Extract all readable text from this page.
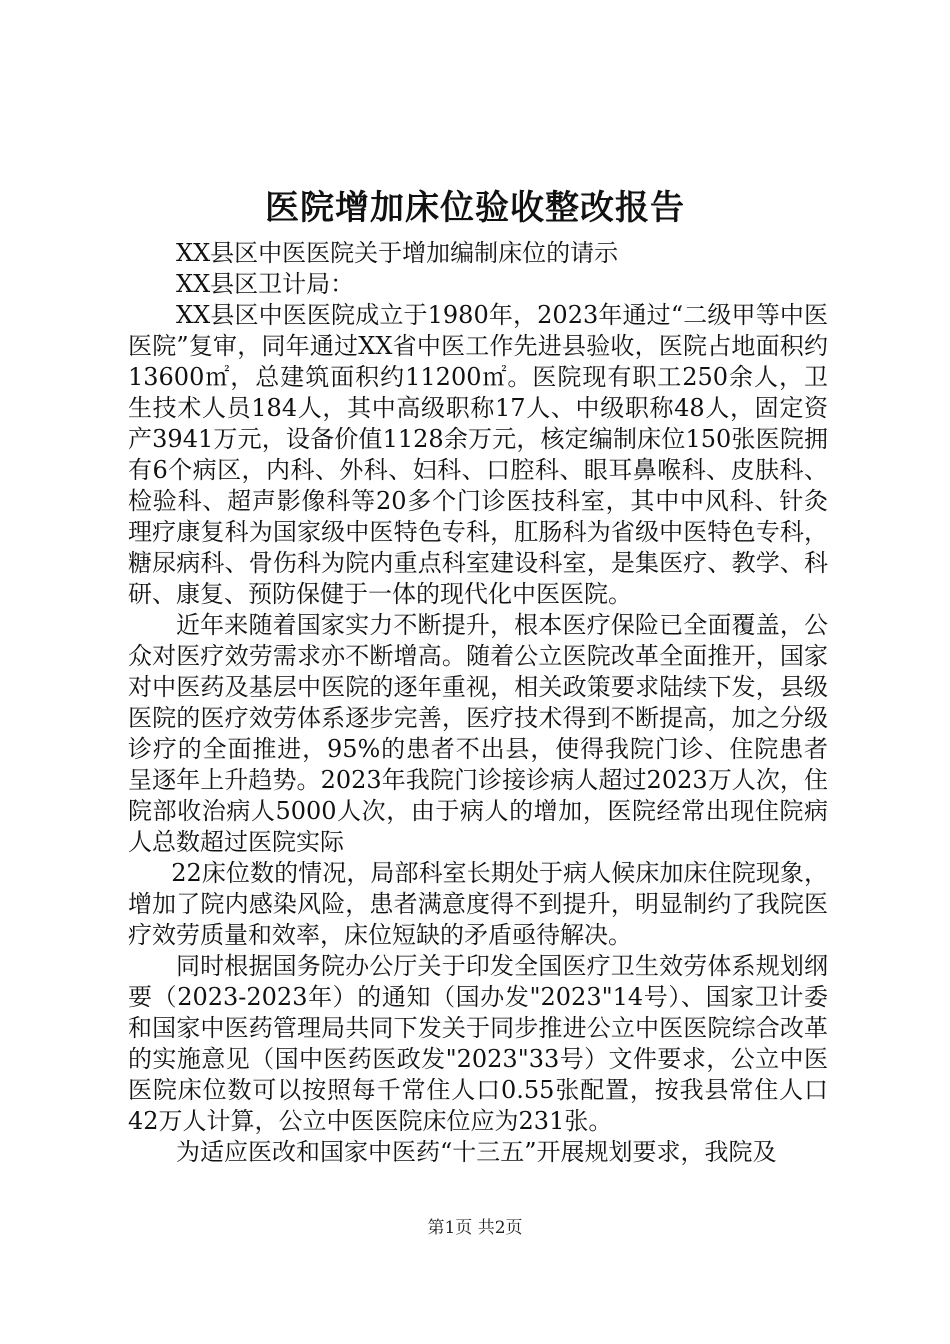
医院增加床位验收整改报告

XX县区中医医院关于增加编制床位的请示

XX县区卫计局：

XX县区中医医院成立于1980年，2023年通过“二级甲等中医医院”复审，同年通过XX省中医工作先进县验收，医院占地面积约13600㎡，总建筑面积约11200㎡。医院现有职工250余人，卫生技术人员184人，其中高级职称17人、中级职称48人，固定资产3941万元，设备价值1128余万元，核定编制床位150张医院拥有6个病区，内科、外科、妇科、口腔科、眼耳鼻喉科、皮肤科、检验科、超声影像科等20多个门诊医技科室，其中中风科、针灸理疗康复科为国家级中医特色专科，肛肠科为省级中医特色专科，糖尿病科、骨伤科为院内重点科室建设科室，是集医疗、教学、科研、康复、预防保健于一体的现代化中医医院。

近年来随着国家实力不断提升，根本医疗保险已全面覆盖，公众对医疗效劳需求亦不断增高。随着公立医院改革全面推开，国家对中医药及基层中医院的逐年重视，相关政策要求陆续下发，县级医院的医疗效劳体系逐步完善，医疗技术得到不断提高，加之分级诊疗的全面推进，95%的患者不出县，使得我院门诊、住院患者呈逐年上升趋势。2023年我院门诊接诊病人超过2023万人次，住院部收治病人5000人次，由于病人的增加，医院经常出现住院病人总数超过医院实际

22床位数的情况，局部科室长期处于病人候床加床住院现象，增加了院内感染风险，患者满意度得不到提升，明显制约了我院医疗效劳质量和效率，床位短缺的矛盾亟待解决。

同时根据国务院办公厅关于印发全国医疗卫生效劳体系规划纲要（2023-2023年）的通知（国办发"2023"14号）、国家卫计委和国家中医药管理局共同下发关于同步推进公立中医医院综合改革的实施意见（国中医药医政发"2023"33号）文件要求，公立中医医院床位数可以按照每千常住人口0.55张配置，按我县常住人口42万人计算，公立中医医院床位应为231张。

为适应医改和国家中医药“十三五”开展规划要求，我院及

第1页 共2页
